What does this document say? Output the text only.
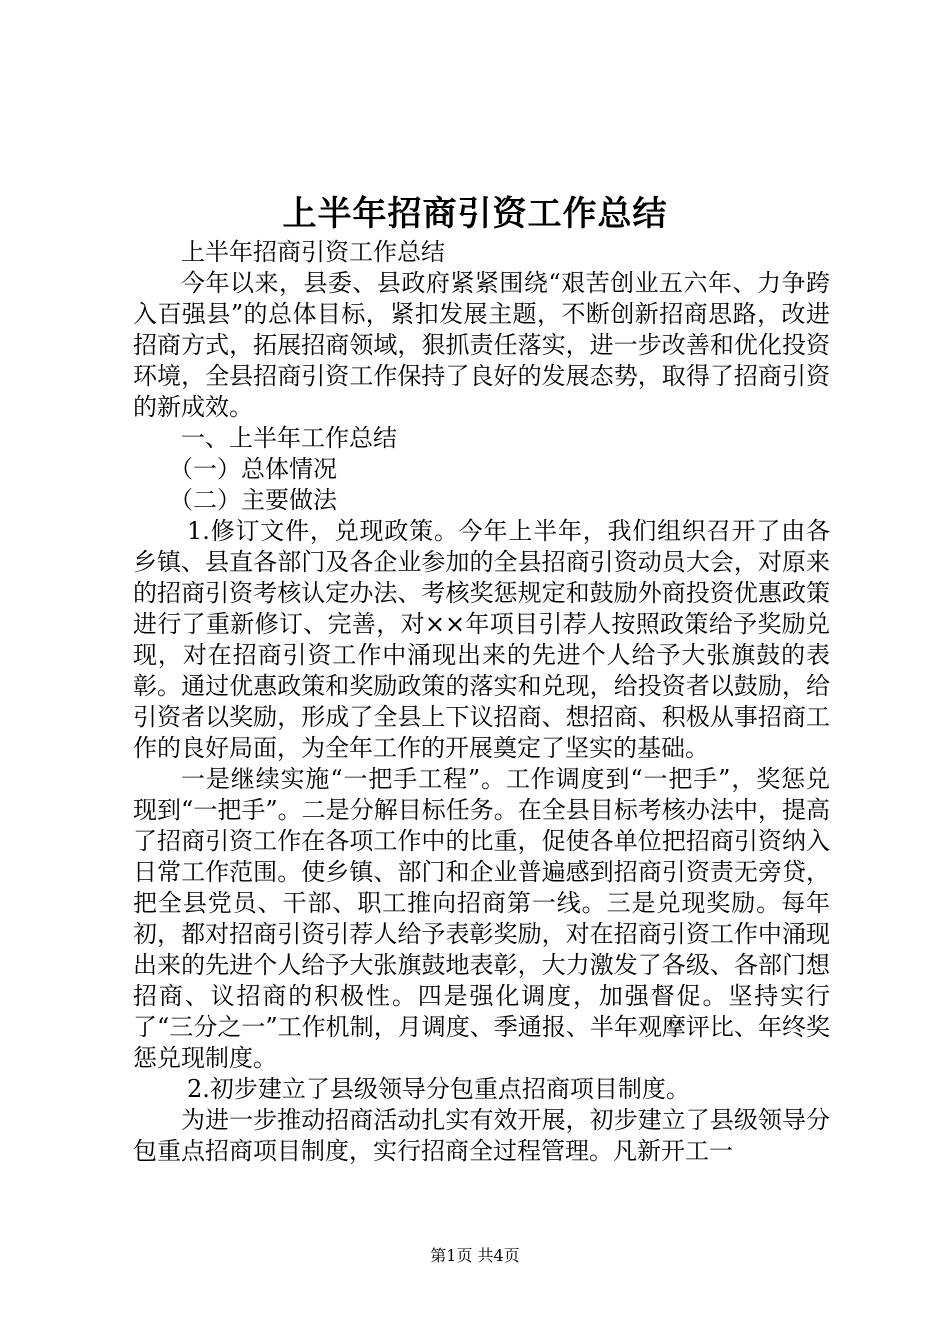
上半年招商引资工作总结

上半年招商引资工作总结

今年以来，县委、县政府紧紧围绕“艰苦创业五六年、力争跨入百强县”的总体目标，紧扣发展主题，不断创新招商思路，改进招商方式，拓展招商领域，狠抓责任落实，进一步改善和优化投资环境，全县招商引资工作保持了良好的发展态势，取得了招商引资的新成效。

一、上半年工作总结

（一）总体情况

（二）主要做法

1.修订文件，兑现政策。今年上半年，我们组织召开了由各乡镇、县直各部门及各企业参加的全县招商引资动员大会，对原来的招商引资考核认定办法、考核奖惩规定和鼓励外商投资优惠政策进行了重新修订、完善，对××年项目引荐人按照政策给予奖励兑现，对在招商引资工作中涌现出来的先进个人给予大张旗鼓的表彰。通过优惠政策和奖励政策的落实和兑现，给投资者以鼓励，给引资者以奖励，形成了全县上下议招商、想招商、积极从事招商工作的良好局面，为全年工作的开展奠定了坚实的基础。

一是继续实施“一把手工程”。工作调度到“一把手”，奖惩兑现到“一把手”。二是分解目标任务。在全县目标考核办法中，提高了招商引资工作在各项工作中的比重，促使各单位把招商引资纳入日常工作范围。使乡镇、部门和企业普遍感到招商引资责无旁贷，把全县党员、干部、职工推向招商第一线。三是兑现奖励。每年初，都对招商引资引荐人给予表彰奖励，对在招商引资工作中涌现出来的先进个人给予大张旗鼓地表彰，大力激发了各级、各部门想招商、议招商的积极性。四是强化调度，加强督促。坚持实行了“三分之一”工作机制，月调度、季通报、半年观摩评比、年终奖惩兑现制度。

2.初步建立了县级领导分包重点招商项目制度。

为进一步推动招商活动扎实有效开展，初步建立了县级领导分包重点招商项目制度，实行招商全过程管理。凡新开工一

第1页 共4页
